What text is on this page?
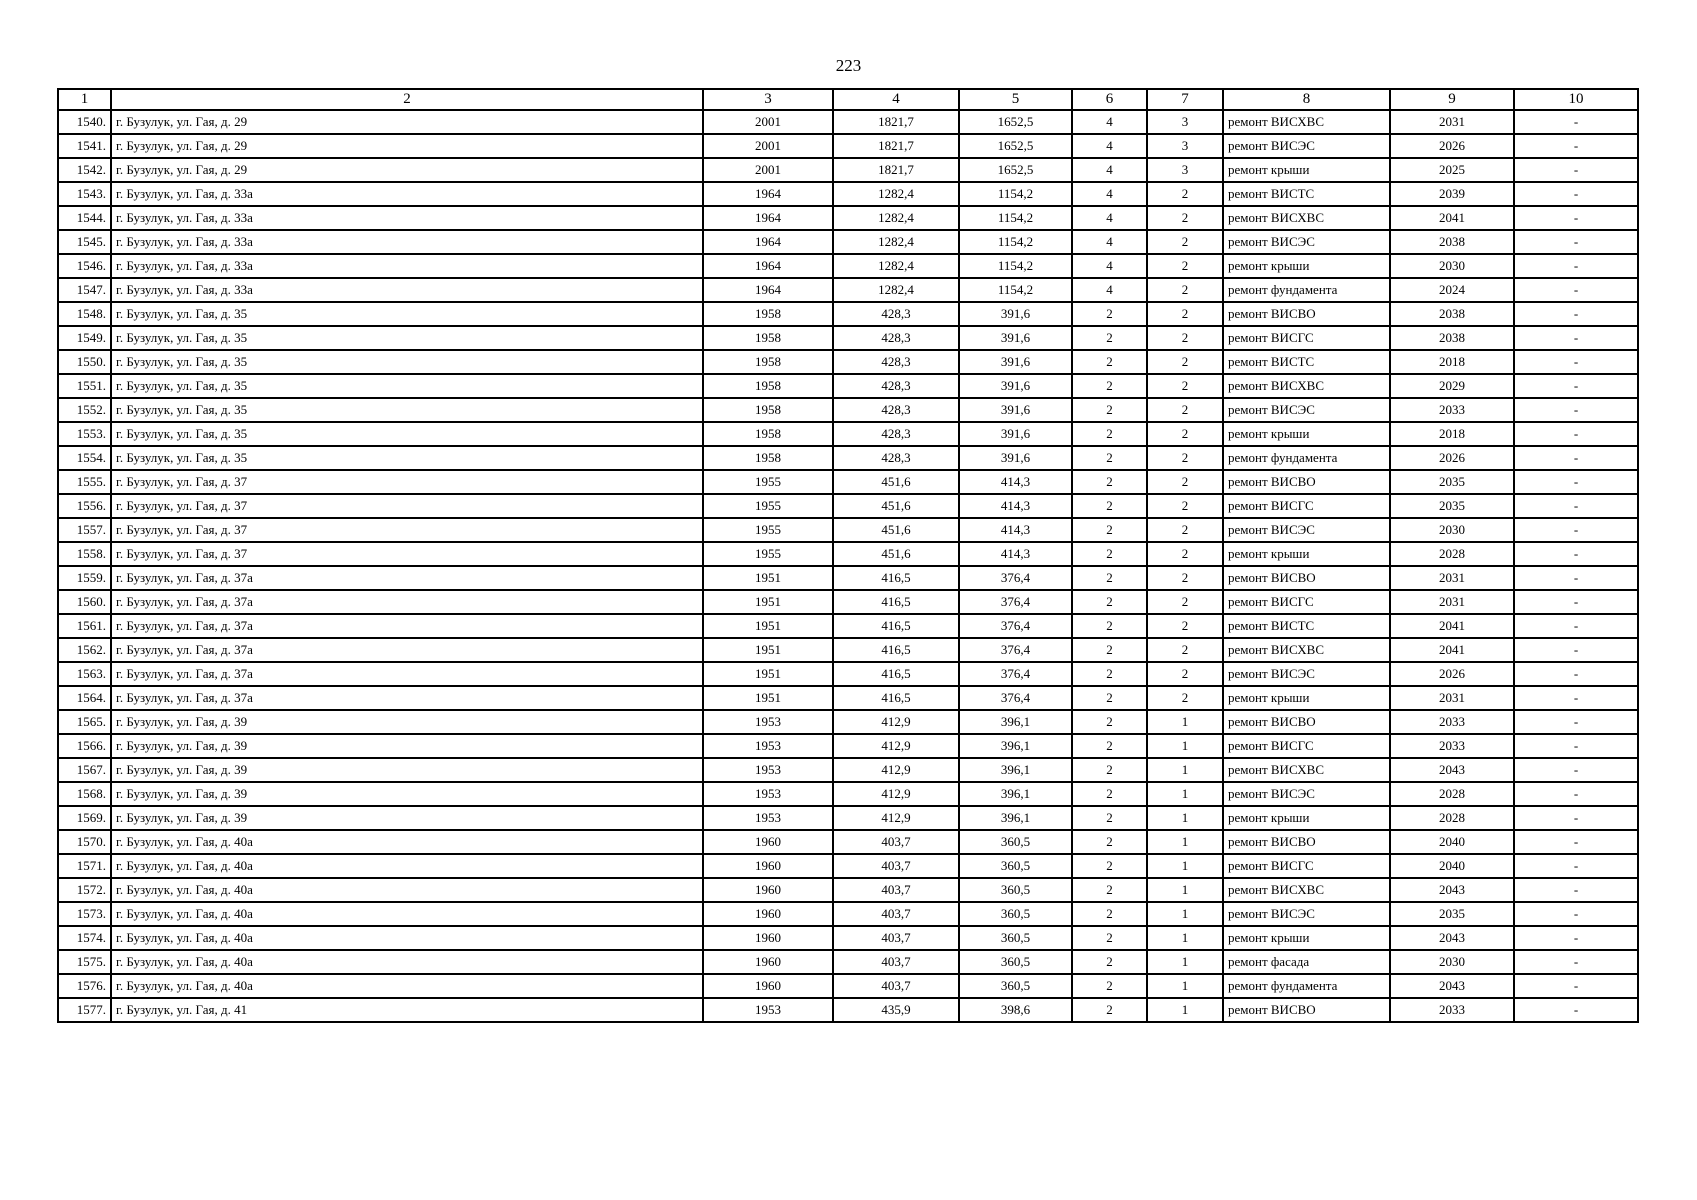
223
1	2	3	4	5	6	7	8	9	10
1540.	г. Бузулук, ул. Гая, д. 29	2001	1821,7	1652,5	4	3	ремонт ВИСХВС	2031	-
1541.	г. Бузулук, ул. Гая, д. 29	2001	1821,7	1652,5	4	3	ремонт ВИСЭС	2026	-
1542.	г. Бузулук, ул. Гая, д. 29	2001	1821,7	1652,5	4	3	ремонт крыши	2025	-
1543.	г. Бузулук, ул. Гая, д. 33а	1964	1282,4	1154,2	4	2	ремонт ВИСТС	2039	-
1544.	г. Бузулук, ул. Гая, д. 33а	1964	1282,4	1154,2	4	2	ремонт ВИСХВС	2041	-
1545.	г. Бузулук, ул. Гая, д. 33а	1964	1282,4	1154,2	4	2	ремонт ВИСЭС	2038	-
1546.	г. Бузулук, ул. Гая, д. 33а	1964	1282,4	1154,2	4	2	ремонт крыши	2030	-
1547.	г. Бузулук, ул. Гая, д. 33а	1964	1282,4	1154,2	4	2	ремонт фундамента	2024	-
1548.	г. Бузулук, ул. Гая, д. 35	1958	428,3	391,6	2	2	ремонт ВИСВО	2038	-
1549.	г. Бузулук, ул. Гая, д. 35	1958	428,3	391,6	2	2	ремонт ВИСГС	2038	-
1550.	г. Бузулук, ул. Гая, д. 35	1958	428,3	391,6	2	2	ремонт ВИСТС	2018	-
1551.	г. Бузулук, ул. Гая, д. 35	1958	428,3	391,6	2	2	ремонт ВИСХВС	2029	-
1552.	г. Бузулук, ул. Гая, д. 35	1958	428,3	391,6	2	2	ремонт ВИСЭС	2033	-
1553.	г. Бузулук, ул. Гая, д. 35	1958	428,3	391,6	2	2	ремонт крыши	2018	-
1554.	г. Бузулук, ул. Гая, д. 35	1958	428,3	391,6	2	2	ремонт фундамента	2026	-
1555.	г. Бузулук, ул. Гая, д. 37	1955	451,6	414,3	2	2	ремонт ВИСВО	2035	-
1556.	г. Бузулук, ул. Гая, д. 37	1955	451,6	414,3	2	2	ремонт ВИСГС	2035	-
1557.	г. Бузулук, ул. Гая, д. 37	1955	451,6	414,3	2	2	ремонт ВИСЭС	2030	-
1558.	г. Бузулук, ул. Гая, д. 37	1955	451,6	414,3	2	2	ремонт крыши	2028	-
1559.	г. Бузулук, ул. Гая, д. 37а	1951	416,5	376,4	2	2	ремонт ВИСВО	2031	-
1560.	г. Бузулук, ул. Гая, д. 37а	1951	416,5	376,4	2	2	ремонт ВИСГС	2031	-
1561.	г. Бузулук, ул. Гая, д. 37а	1951	416,5	376,4	2	2	ремонт ВИСТС	2041	-
1562.	г. Бузулук, ул. Гая, д. 37а	1951	416,5	376,4	2	2	ремонт ВИСХВС	2041	-
1563.	г. Бузулук, ул. Гая, д. 37а	1951	416,5	376,4	2	2	ремонт ВИСЭС	2026	-
1564.	г. Бузулук, ул. Гая, д. 37а	1951	416,5	376,4	2	2	ремонт крыши	2031	-
1565.	г. Бузулук, ул. Гая, д. 39	1953	412,9	396,1	2	1	ремонт ВИСВО	2033	-
1566.	г. Бузулук, ул. Гая, д. 39	1953	412,9	396,1	2	1	ремонт ВИСГС	2033	-
1567.	г. Бузулук, ул. Гая, д. 39	1953	412,9	396,1	2	1	ремонт ВИСХВС	2043	-
1568.	г. Бузулук, ул. Гая, д. 39	1953	412,9	396,1	2	1	ремонт ВИСЭС	2028	-
1569.	г. Бузулук, ул. Гая, д. 39	1953	412,9	396,1	2	1	ремонт крыши	2028	-
1570.	г. Бузулук, ул. Гая, д. 40а	1960	403,7	360,5	2	1	ремонт ВИСВО	2040	-
1571.	г. Бузулук, ул. Гая, д. 40а	1960	403,7	360,5	2	1	ремонт ВИСГС	2040	-
1572.	г. Бузулук, ул. Гая, д. 40а	1960	403,7	360,5	2	1	ремонт ВИСХВС	2043	-
1573.	г. Бузулук, ул. Гая, д. 40а	1960	403,7	360,5	2	1	ремонт ВИСЭС	2035	-
1574.	г. Бузулук, ул. Гая, д. 40а	1960	403,7	360,5	2	1	ремонт крыши	2043	-
1575.	г. Бузулук, ул. Гая, д. 40а	1960	403,7	360,5	2	1	ремонт фасада	2030	-
1576.	г. Бузулук, ул. Гая, д. 40а	1960	403,7	360,5	2	1	ремонт фундамента	2043	-
1577.	г. Бузулук, ул. Гая, д. 41	1953	435,9	398,6	2	1	ремонт ВИСВО	2033	-
